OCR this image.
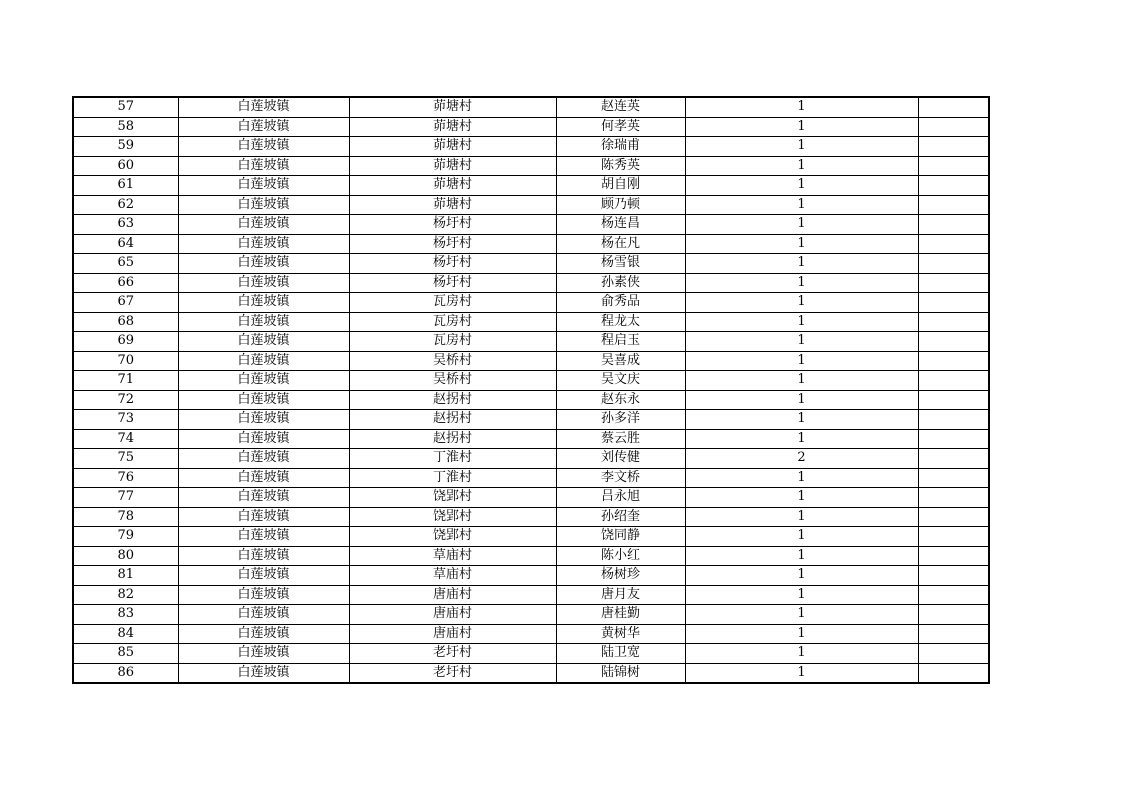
57	白莲坡镇	茆塘村	赵连英	1	
58	白莲坡镇	茆塘村	何孝英	1	
59	白莲坡镇	茆塘村	徐瑞甫	1	
60	白莲坡镇	茆塘村	陈秀英	1	
61	白莲坡镇	茆塘村	胡自刚	1	
62	白莲坡镇	茆塘村	顾乃顿	1	
63	白莲坡镇	杨圩村	杨连昌	1	
64	白莲坡镇	杨圩村	杨在凡	1	
65	白莲坡镇	杨圩村	杨雪银	1	
66	白莲坡镇	杨圩村	孙素侠	1	
67	白莲坡镇	瓦房村	俞秀品	1	
68	白莲坡镇	瓦房村	程龙太	1	
69	白莲坡镇	瓦房村	程启玉	1	
70	白莲坡镇	吴桥村	吴喜成	1	
71	白莲坡镇	吴桥村	吴文庆	1	
72	白莲坡镇	赵拐村	赵东永	1	
73	白莲坡镇	赵拐村	孙多洋	1	
74	白莲坡镇	赵拐村	蔡云胜	1	
75	白莲坡镇	丁淮村	刘传健	2	
76	白莲坡镇	丁淮村	李文桥	1	
77	白莲坡镇	饶郢村	吕永旭	1	
78	白莲坡镇	饶郢村	孙绍奎	1	
79	白莲坡镇	饶郢村	饶同静	1	
80	白莲坡镇	草庙村	陈小红	1	
81	白莲坡镇	草庙村	杨树珍	1	
82	白莲坡镇	唐庙村	唐月友	1	
83	白莲坡镇	唐庙村	唐桂勤	1	
84	白莲坡镇	唐庙村	黄树华	1	
85	白莲坡镇	老圩村	陆卫宽	1	
86	白莲坡镇	老圩村	陆锦树	1	
